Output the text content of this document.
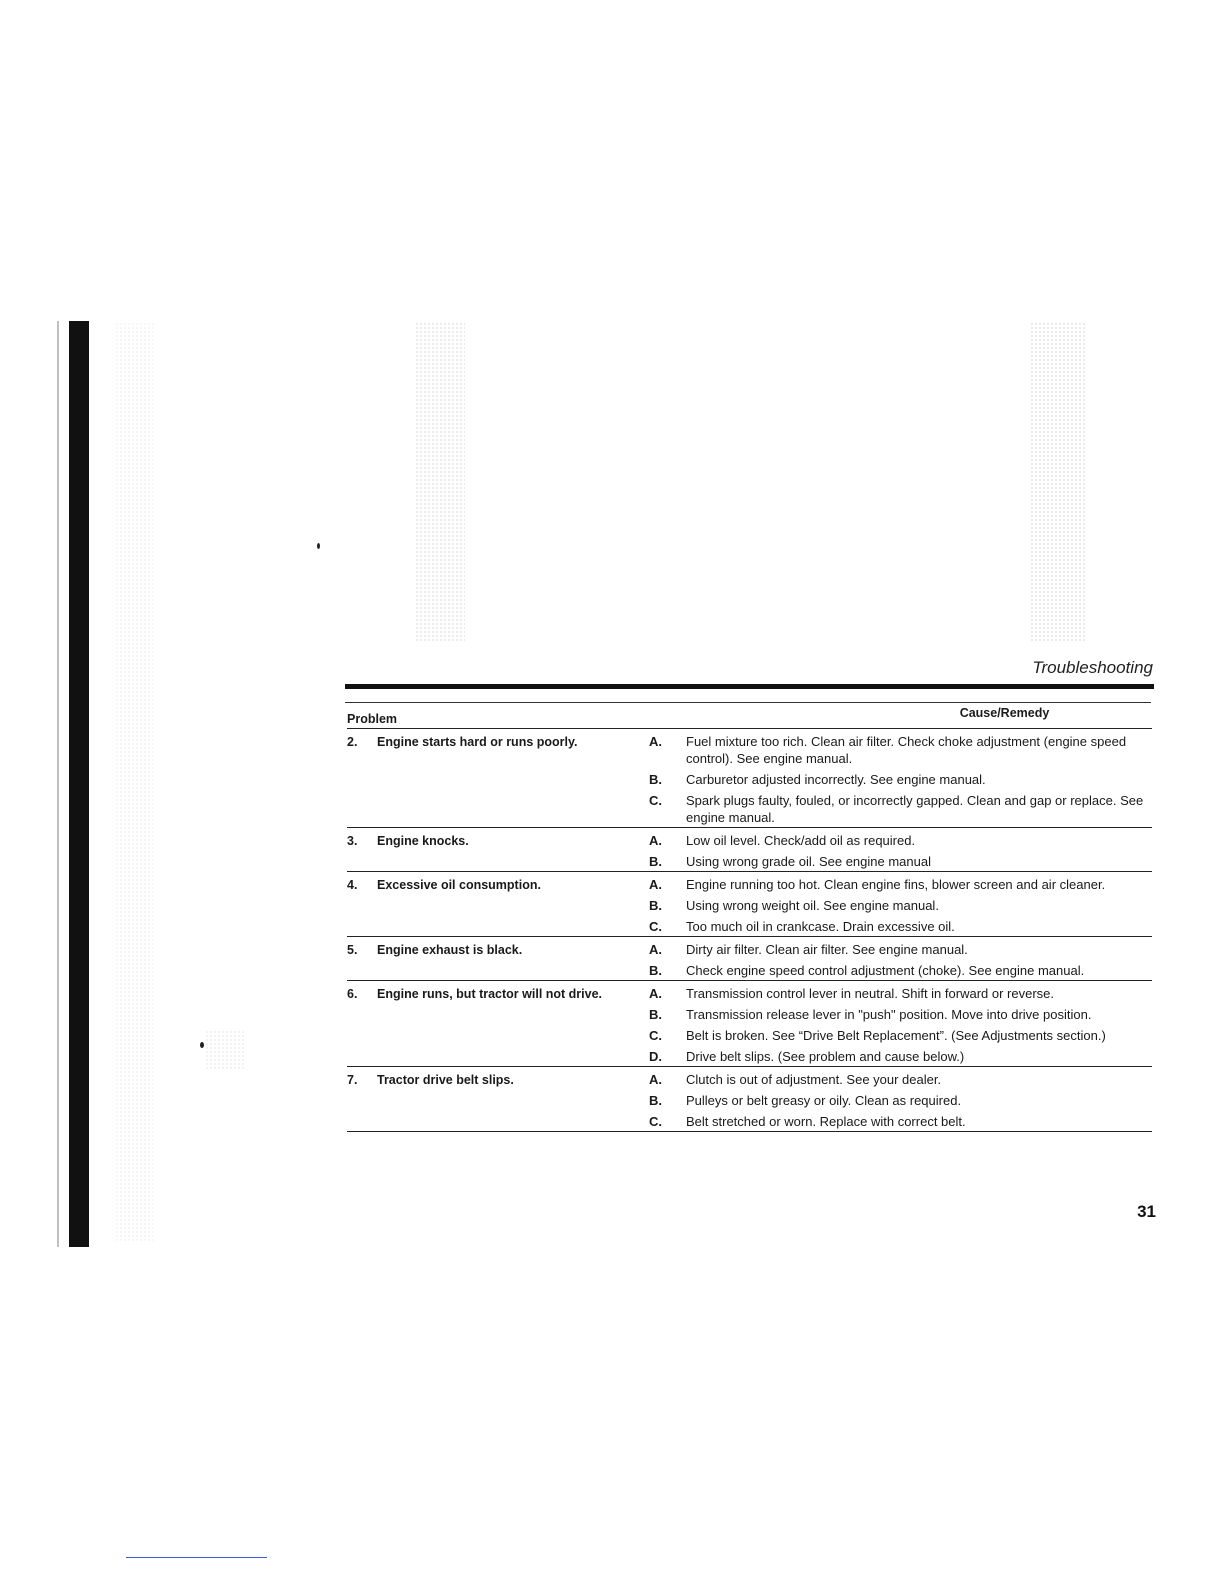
Troubleshooting
Problem	Cause/Remedy
2.	Engine starts hard or runs poorly.	A.	Fuel mixture too rich. Clean air filter. Check choke adjustment (engine speed control). See engine manual.
B.	Carburetor adjusted incorrectly. See engine manual.
C.	Spark plugs faulty, fouled, or incorrectly gapped. Clean and gap or replace. See engine manual.
3.	Engine knocks.	A.	Low oil level. Check/add oil as required.
B.	Using wrong grade oil. See engine manual
4.	Excessive oil consumption.	A.	Engine running too hot. Clean engine fins, blower screen and air cleaner.
B.	Using wrong weight oil. See engine manual.
C.	Too much oil in crankcase. Drain excessive oil.
5.	Engine exhaust is black.	A.	Dirty air filter. Clean air filter. See engine manual.
B.	Check engine speed control adjustment (choke). See engine manual.
6.	Engine runs, but tractor will not drive.	A.	Transmission control lever in neutral. Shift in forward or reverse.
B.	Transmission release lever in "push" position. Move into drive position.
C.	Belt is broken. See “Drive Belt Replacement”. (See Adjustments section.)
D.	Drive belt slips. (See problem and cause below.)
7.	Tractor drive belt slips.	A.	Clutch is out of adjustment. See your dealer.
B.	Pulleys or belt greasy or oily. Clean as required.
C.	Belt stretched or worn. Replace with correct belt.
31
